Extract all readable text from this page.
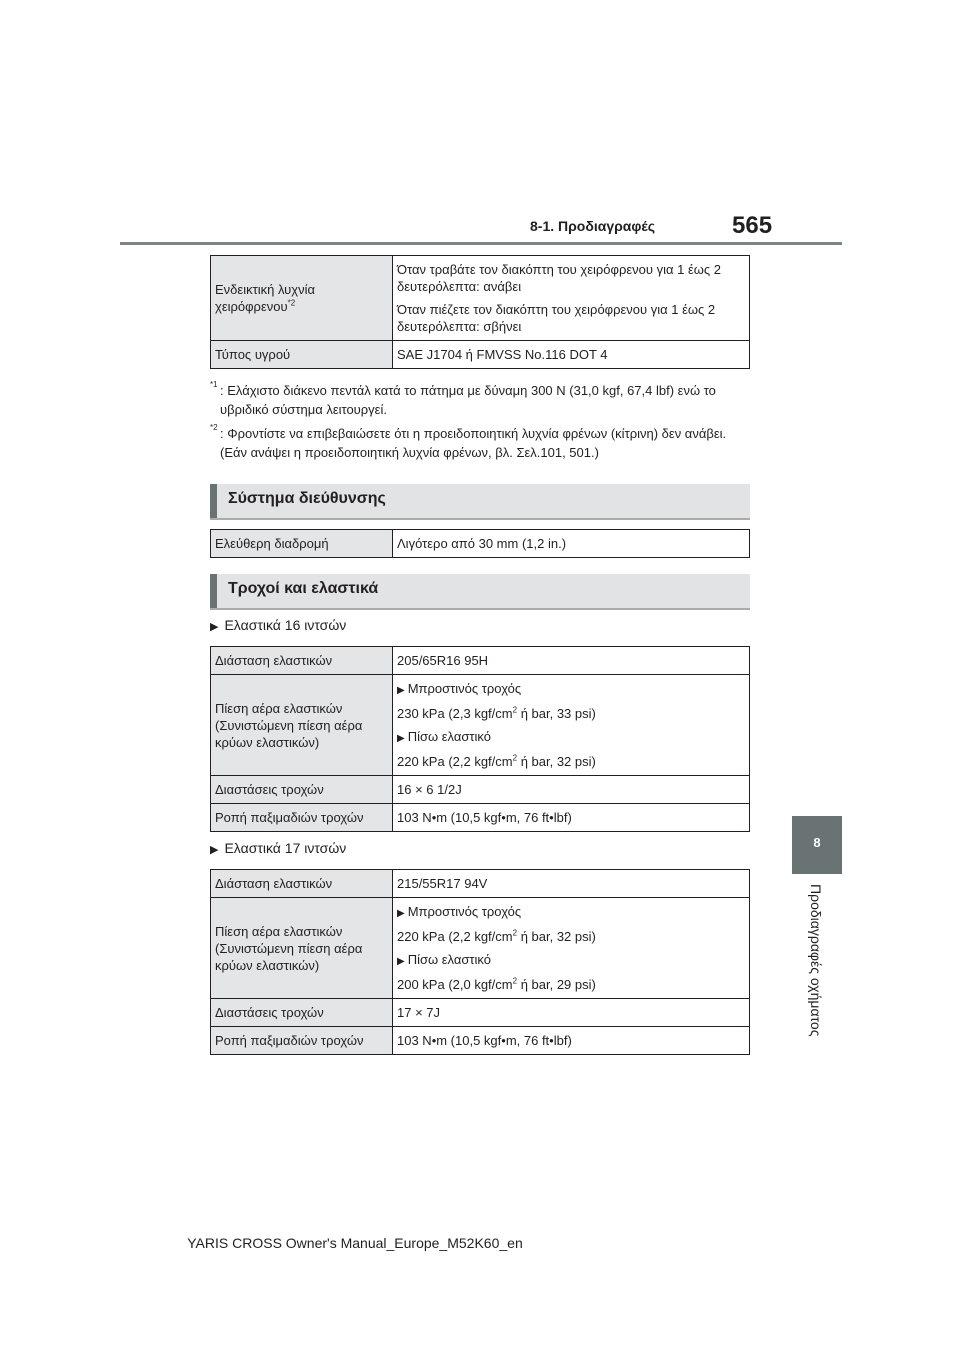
8-1. Προδιαγραφές	565
8
Προδιαγραφές οχήματος
Ενδεικτική λυχνία χειρόφρενου$^{*2}$	Όταν τραβάτε τον διακόπτη του χειρόφρενου για 1 έως 2 δευτερόλεπτα: ανάβει

Όταν πιέζετε τον διακόπτη του χειρόφρενου για 1 έως 2 δευτερόλεπτα: σβήνει

Τύπος υγρού	SAE J1704 ή FMVSS No.116 DOT 4
*1 : Ελάχιστο διάκενο πεντάλ κατά το πάτημα με δύναμη 300 N (31,0 kgf, 67,4 lbf) ενώ το υβριδικό σύστημα λειτουργεί.
*2 : Φροντίστε να επιβεβαιώσετε ότι η προειδοποιητική λυχνία φρένων (κίτρινη) δεν ανάβει. (Εάν ανάψει η προειδοποιητική λυχνία φρένων, βλ. Σελ.101, 501.)
Σύστημα διεύθυνσης
Ελεύθερη διαδρομή	Λιγότερο από 30 mm (1,2 in.)
Τροχοί και ελαστικά
▶ Ελαστικά 16 ιντσών
Διάσταση ελαστικών	205/65R16 95H
Πίεση αέρα ελαστικών (Συνιστώμενη πίεση αέρα κρύων ελαστικών)	▶ Μπροστινός τροχός

230 kPa (2,3 kgf/$cm^2$ ή bar, 33 psi)

▶ Πίσω ελαστικό

220 kPa (2,2 kgf/$cm^2$ ή bar, 32 psi)

Διαστάσεις τροχών	16 × 6 1/2J
Ροπή παξιμαδιών τροχών	103 N•m (10,5 kgf•m, 76 ft•lbf)
▶ Ελαστικά 17 ιντσών
Διάσταση ελαστικών	215/55R17 94V
Πίεση αέρα ελαστικών (Συνιστώμενη πίεση αέρα κρύων ελαστικών)	▶ Μπροστινός τροχός

220 kPa (2,2 kgf/$cm^2$ ή bar, 32 psi)

▶ Πίσω ελαστικό

200 kPa (2,0 kgf/$cm^2$ ή bar, 29 psi)

Διαστάσεις τροχών	17 × 7J
Ροπή παξιμαδιών τροχών	103 N•m (10,5 kgf•m, 76 ft•lbf)
YARIS CROSS Owner's Manual_Europe_M52K60_en
